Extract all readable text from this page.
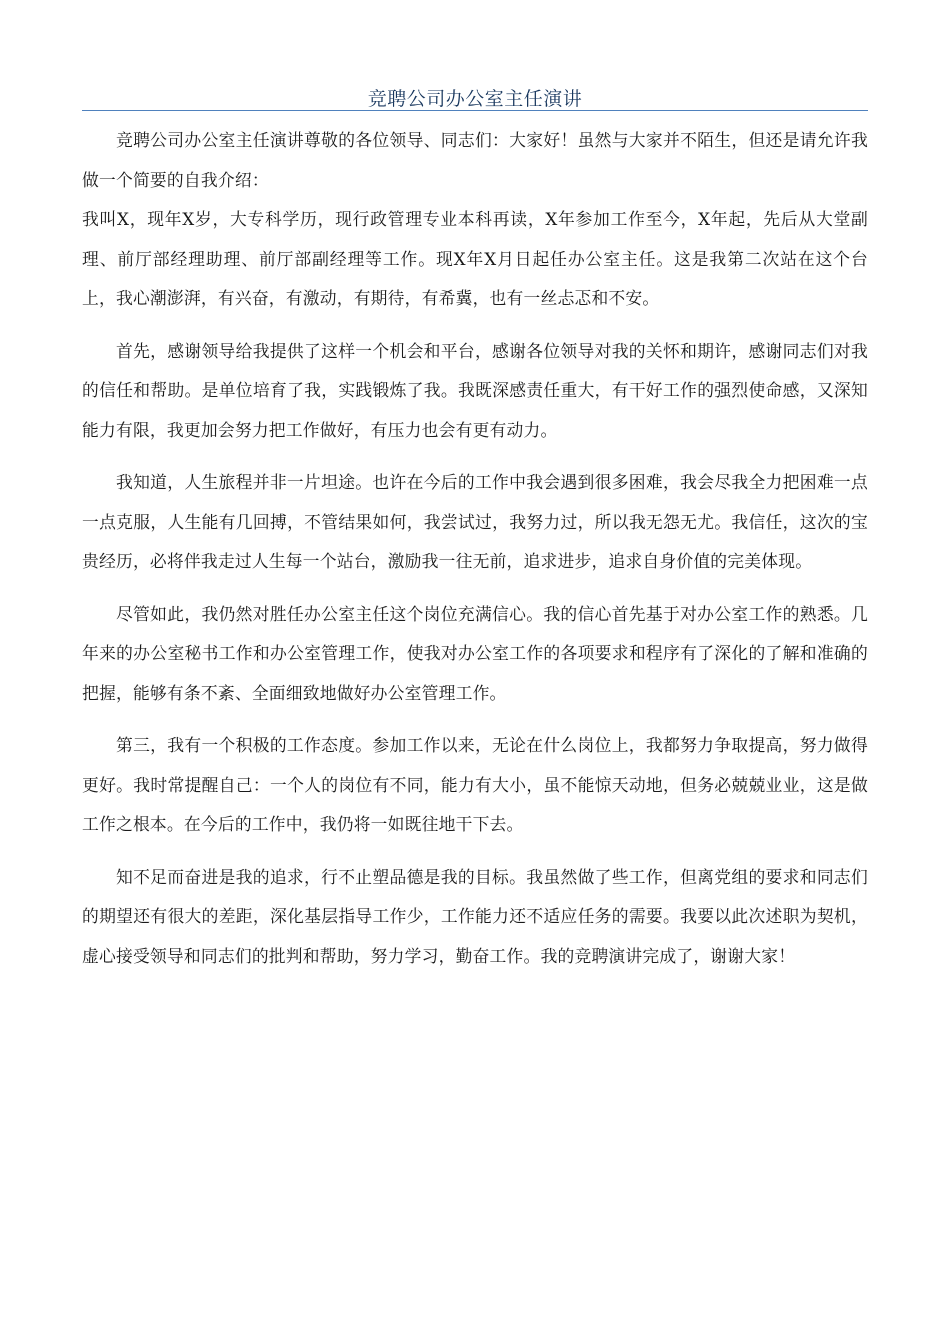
竞聘公司办公室主任演讲

竞聘公司办公室主任演讲尊敬的各位领导、同志们：大家好！虽然与大家并不陌生，但还是请允许我做一个简要的自我介绍：

我叫X，现年X岁，大专科学历，现行政管理专业本科再读，X年参加工作至今，X年起，先后从大堂副理、前厅部经理助理、前厅部副经理等工作。现X年X月日起任办公室主任。这是我第二次站在这个台上，我心潮澎湃，有兴奋，有激动，有期待，有希冀，也有一丝忐忑和不安。

首先，感谢领导给我提供了这样一个机会和平台，感谢各位领导对我的关怀和期许，感谢同志们对我的信任和帮助。是单位培育了我，实践锻炼了我。我既深感责任重大，有干好工作的强烈使命感，又深知能力有限，我更加会努力把工作做好，有压力也会有更有动力。

我知道，人生旅程并非一片坦途。也许在今后的工作中我会遇到很多困难，我会尽我全力把困难一点一点克服，人生能有几回搏，不管结果如何，我尝试过，我努力过，所以我无怨无尤。我信任，这次的宝贵经历，必将伴我走过人生每一个站台，激励我一往无前，追求进步，追求自身价值的完美体现。

尽管如此，我仍然对胜任办公室主任这个岗位充满信心。我的信心首先基于对办公室工作的熟悉。几年来的办公室秘书工作和办公室管理工作，使我对办公室工作的各项要求和程序有了深化的了解和准确的把握，能够有条不紊、全面细致地做好办公室管理工作。

第三，我有一个积极的工作态度。参加工作以来，无论在什么岗位上，我都努力争取提高，努力做得更好。我时常提醒自己：一个人的岗位有不同，能力有大小，虽不能惊天动地，但务必兢兢业业，这是做工作之根本。在今后的工作中，我仍将一如既往地干下去。

知不足而奋进是我的追求，行不止塑品德是我的目标。我虽然做了些工作，但离党组的要求和同志们的期望还有很大的差距，深化基层指导工作少，工作能力还不适应任务的需要。我要以此次述职为契机，虚心接受领导和同志们的批判和帮助，努力学习，勤奋工作。我的竞聘演讲完成了，谢谢大家！
